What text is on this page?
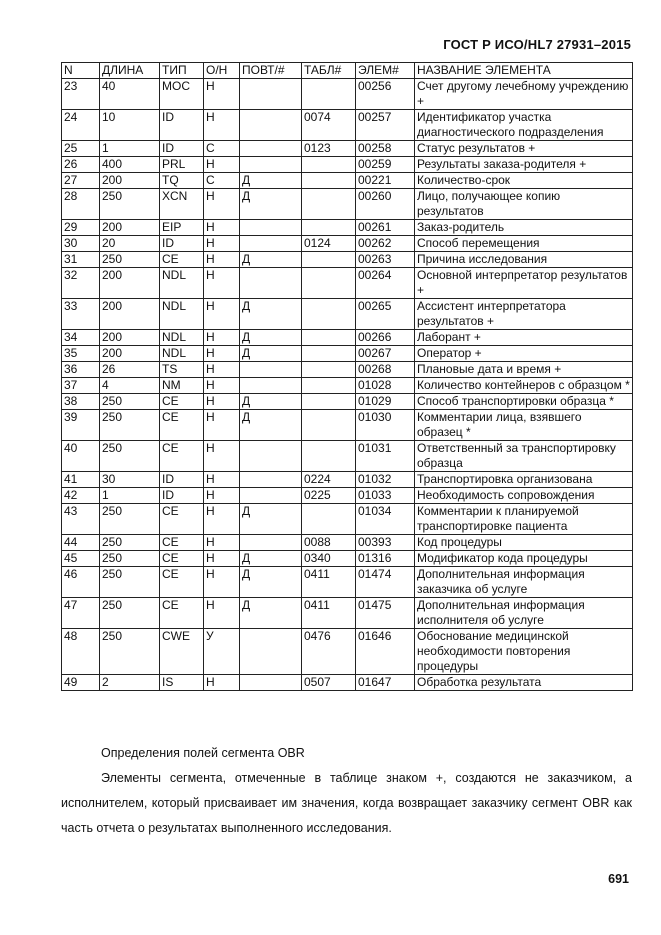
ГОСТ Р ИСО/HL7 27931–2015
N	ДЛИНА	ТИП	О/Н	ПОВТ/#	ТАБЛ#	ЭЛЕМ#	НАЗВАНИЕ ЭЛЕМЕНТА
23	40	MOC	Н			00256	Счет другому лечебному учреждению +
24	10	ID	Н		0074	00257	Идентификатор участка диагностического подразделения
25	1	ID	С		0123	00258	Статус результатов +
26	400	PRL	Н			00259	Результаты заказа-родителя +
27	200	TQ	С	Д		00221	Количество-срок
28	250	XCN	Н	Д		00260	Лицо, получающее копию результатов
29	200	EIP	Н			00261	Заказ-родитель
30	20	ID	Н		0124	00262	Способ перемещения
31	250	CE	Н	Д		00263	Причина исследования
32	200	NDL	Н			00264	Основной интерпретатор результатов +
33	200	NDL	Н	Д		00265	Ассистент интерпретатора результатов +
34	200	NDL	Н	Д		00266	Лаборант +
35	200	NDL	Н	Д		00267	Оператор +
36	26	TS	Н			00268	Плановые дата и время +
37	4	NM	Н			01028	Количество контейнеров с образцом *
38	250	CE	Н	Д		01029	Способ транспортировки образца *
39	250	CE	Н	Д		01030	Комментарии лица, взявшего образец *
40	250	CE	Н			01031	Ответственный за транспортировку образца
41	30	ID	Н		0224	01032	Транспортировка организована
42	1	ID	Н		0225	01033	Необходимость сопровождения
43	250	CE	Н	Д		01034	Комментарии к планируемой транспортировке пациента
44	250	CE	Н		0088	00393	Код процедуры
45	250	CE	Н	Д	0340	01316	Модификатор кода процедуры
46	250	CE	Н	Д	0411	01474	Дополнительная информация заказчика об услуге
47	250	CE	Н	Д	0411	01475	Дополнительная информация исполнителя об услуге
48	250	CWE	У		0476	01646	Обоснование медицинской необходимости повторения процедуры
49	2	IS	Н		0507	01647	Обработка результата
Определения полей сегмента OBR
Элементы сегмента, отмеченные в таблице знаком +, создаются не заказчиком, а исполнителем, который присваивает им значения, когда возвращает заказчику сегмент OBR как часть отчета о результатах выполненного исследования.
691
